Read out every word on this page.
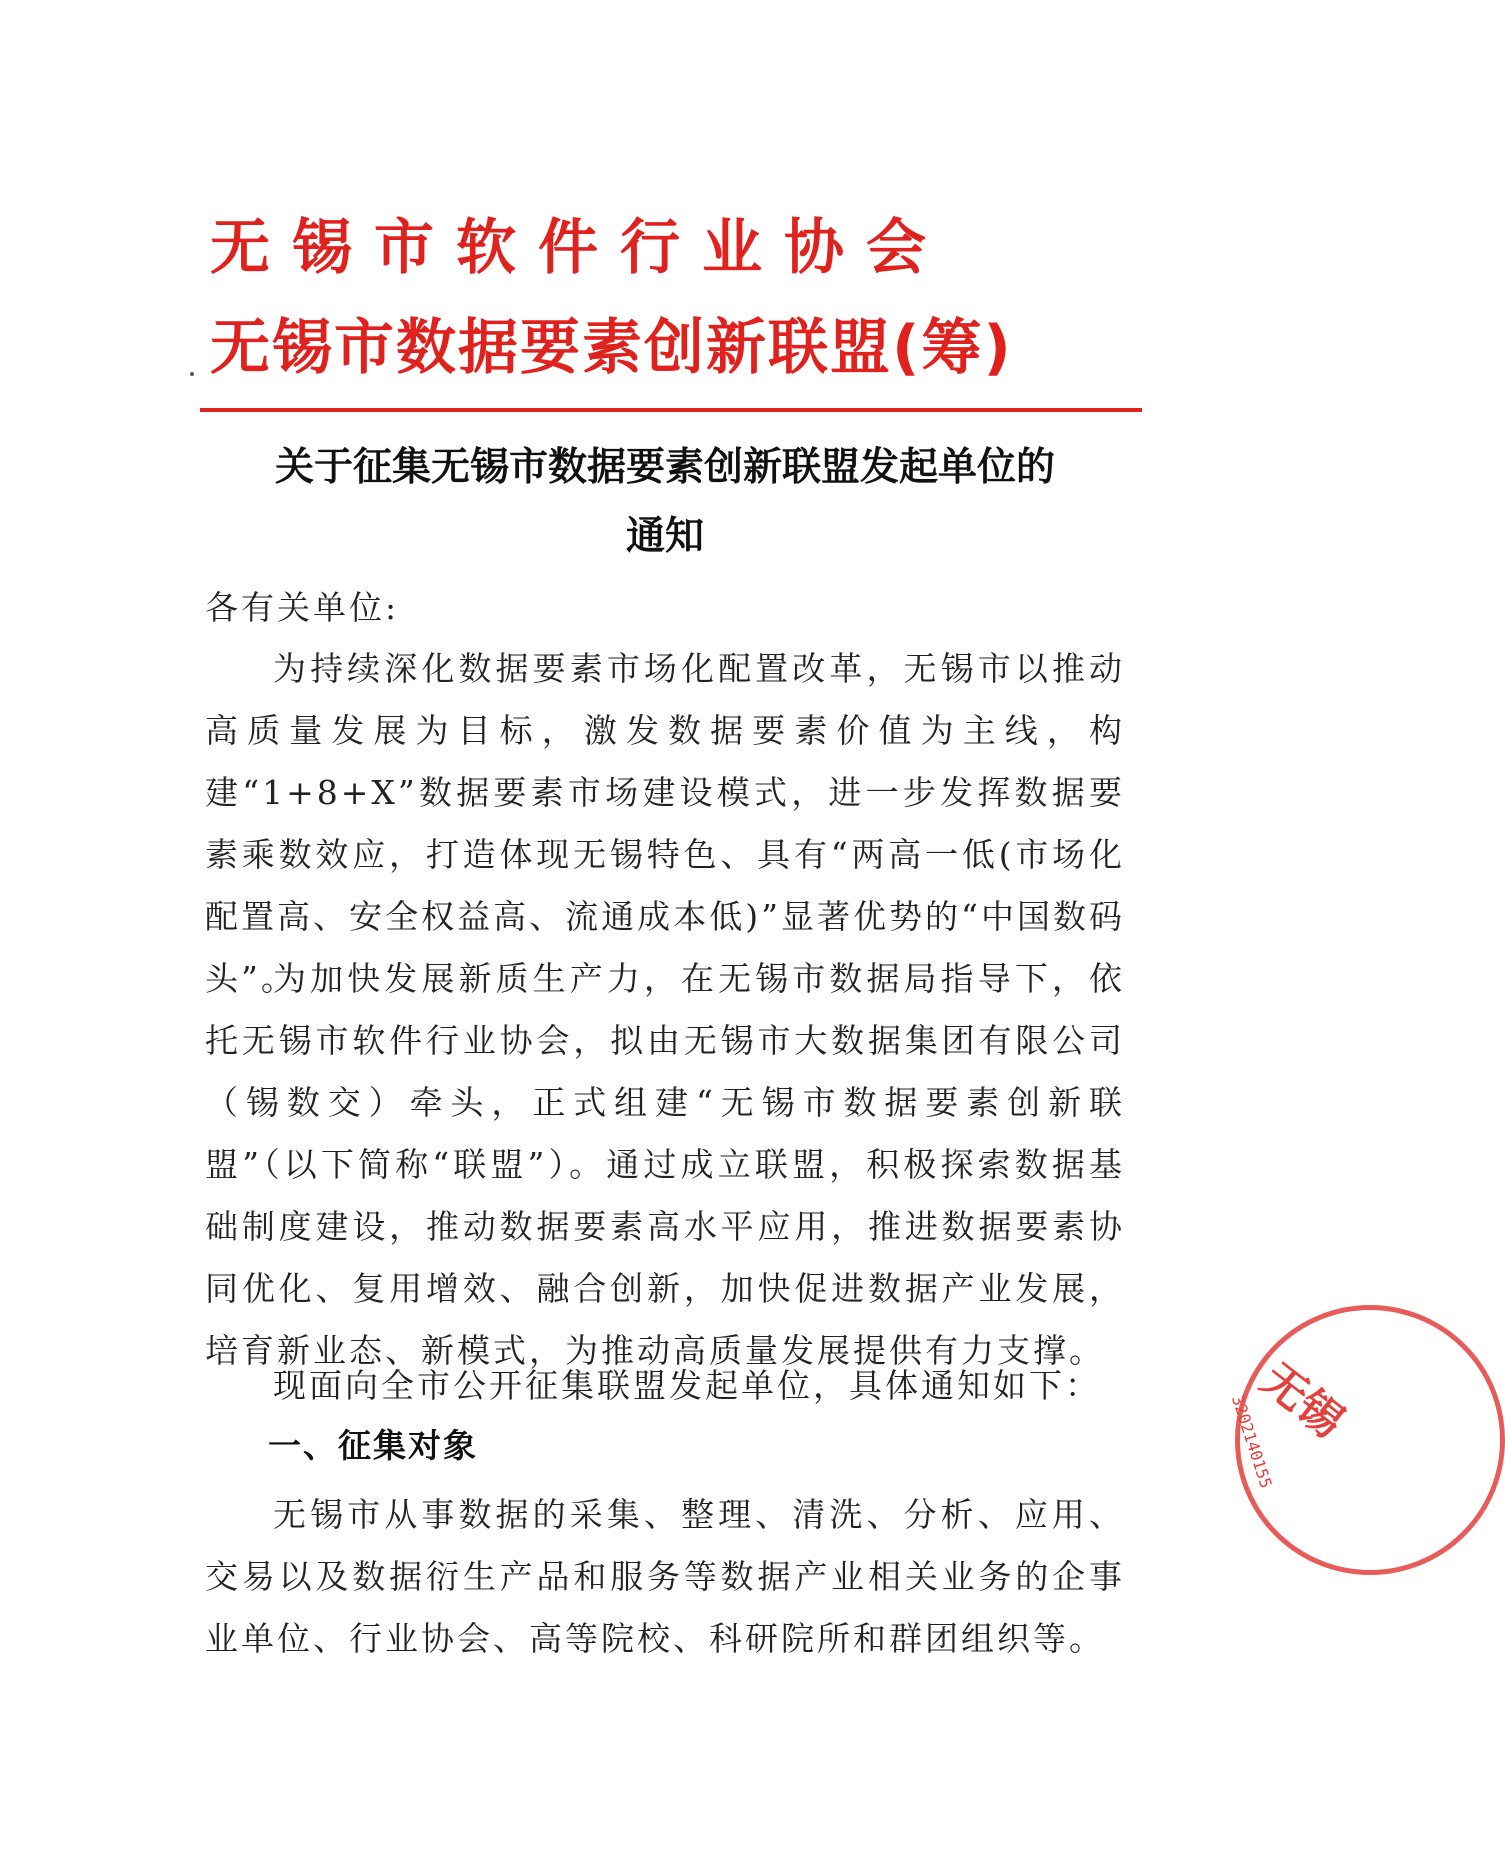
无锡市软件行业协会
无锡市数据要素创新联盟(筹)
关于征集无锡市数据要素创新联盟发起单位的
通知
各有关单位:
为持续深化数据要素市场化配置改革，无锡市以推动高质量发展为目标，激发数据要素价值为主线，构建“1+8+X”数据要素市场建设模式，进一步发挥数据要素乘数效应，打造体现无锡特色、具有“两高一低(市场化配置高、安全权益高、流通成本低)”显著优势的“中国数码头”。
为加快发展新质生产力，在无锡市数据局指导下，依托无锡市软件行业协会，拟由无锡市大数据集团有限公司（锡数交）牵头，正式组建“无锡市数据要素创新联盟”（以下简称“联盟”）。通过成立联盟，积极探索数据基础制度建设，推动数据要素高水平应用，推进数据要素协同优化、复用增效、融合创新，加快促进数据产业发展，培育新业态、新模式，为推动高质量发展提供有力支撑。
现面向全市公开征集联盟发起单位，具体通知如下：
一、征集对象
无锡市从事数据的采集、整理、清洗、分析、应用、交易以及数据衍生产品和服务等数据产业相关业务的企事业单位、行业协会、高等院校、科研院所和群团组织等。
无锡
3202140155
